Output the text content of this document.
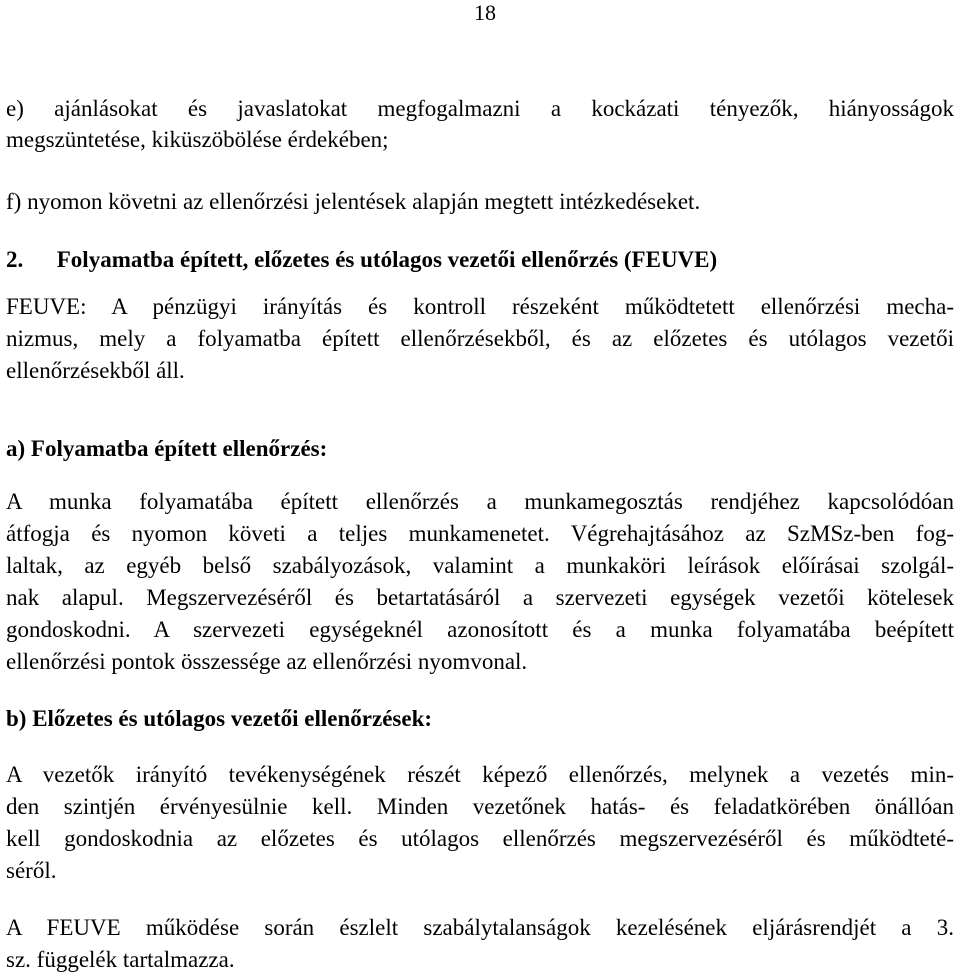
18
e) ajánlásokat és javaslatokat megfogalmazni a kockázati tényezők, hiányosságok
megszüntetése, kiküszöbölése érdekében;
f) nyomon követni az ellenőrzési jelentések alapján megtett intézkedéseket.
2. Folyamatba épített, előzetes és utólagos vezetői ellenőrzés (FEUVE)
FEUVE: A pénzügyi irányítás és kontroll részeként működtetett ellenőrzési mecha-
nizmus, mely a folyamatba épített ellenőrzésekből, és az előzetes és utólagos vezetői
ellenőrzésekből áll.
a) Folyamatba épített ellenőrzés:
A munka folyamatába épített ellenőrzés a munkamegosztás rendjéhez kapcsolódóan
átfogja és nyomon követi a teljes munkamenetet. Végrehajtásához az SzMSz-ben fog-
laltak, az egyéb belső szabályozások, valamint a munkaköri leírások előírásai szolgál-
nak alapul. Megszervezéséről és betartatásáról a szervezeti egységek vezetői kötelesek
gondoskodni. A szervezeti egységeknél azonosított és a munka folyamatába beépített
ellenőrzési pontok összessége az ellenőrzési nyomvonal.
b) Előzetes és utólagos vezetői ellenőrzések:
A vezetők irányító tevékenységének részét képező ellenőrzés, melynek a vezetés min-
den szintjén érvényesülnie kell. Minden vezetőnek hatás- és feladatkörében önállóan
kell gondoskodnia az előzetes és utólagos ellenőrzés megszervezéséről és működteté-
séről.
A FEUVE működése során észlelt szabálytalanságok kezelésének eljárásrendjét a 3.
sz. függelék tartalmazza.
